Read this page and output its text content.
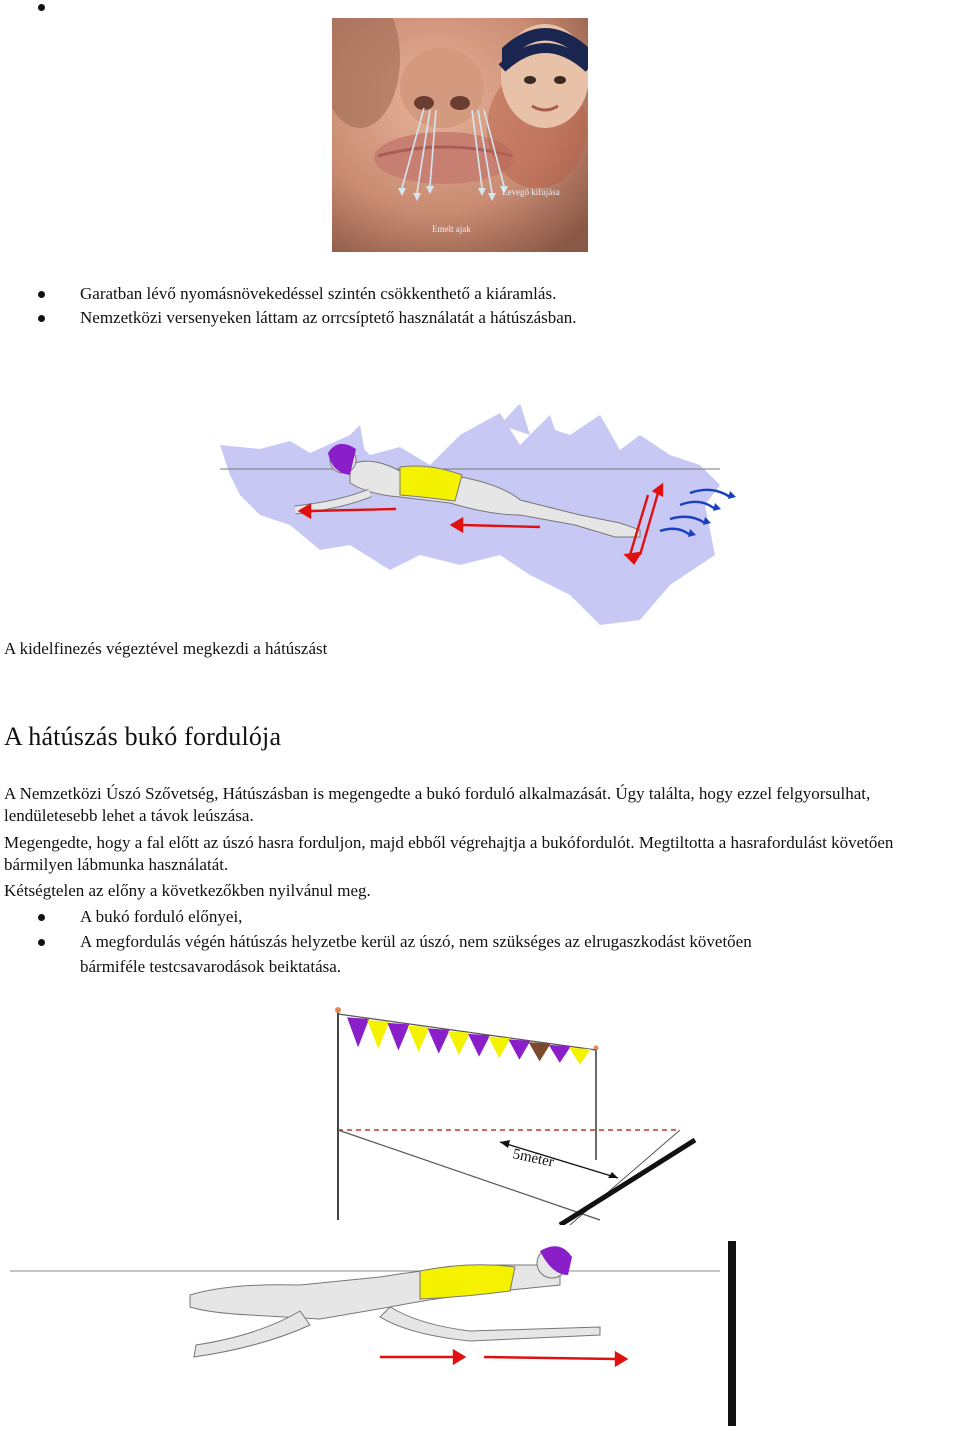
Levegő kifújása
Emelt ajak
Garatban lévő nyomásnövekedéssel szintén csökkenthető a kiáramlás.
Nemzetközi versenyeken láttam az orrcsíptető használatát a hátúszásban.
A kidelfinezés végeztével megkezdi a hátúszást
A hátúszás bukó fordulója
A Nemzetközi Úszó Szővetség, Hátúszásban is megengedte a bukó forduló alkalmazását. Úgy találta, hogy ezzel felgyorsulhat, lendületesebb lehet a távok leúszása.
Megengedte, hogy a fal előtt az úszó hasra forduljon, majd ebből végrehajtja a bukófordulót. Megtiltotta a hasrafordulást követően bármilyen lábmunka használatát.
Kétségtelen az előny a következőkben nyilvánul meg.
A bukó forduló előnyei,
A megfordulás végén hátúszás helyzetbe kerül az úszó, nem szükséges az elrugaszkodást követően
bármiféle testcsavarodások beiktatása.
5méter
